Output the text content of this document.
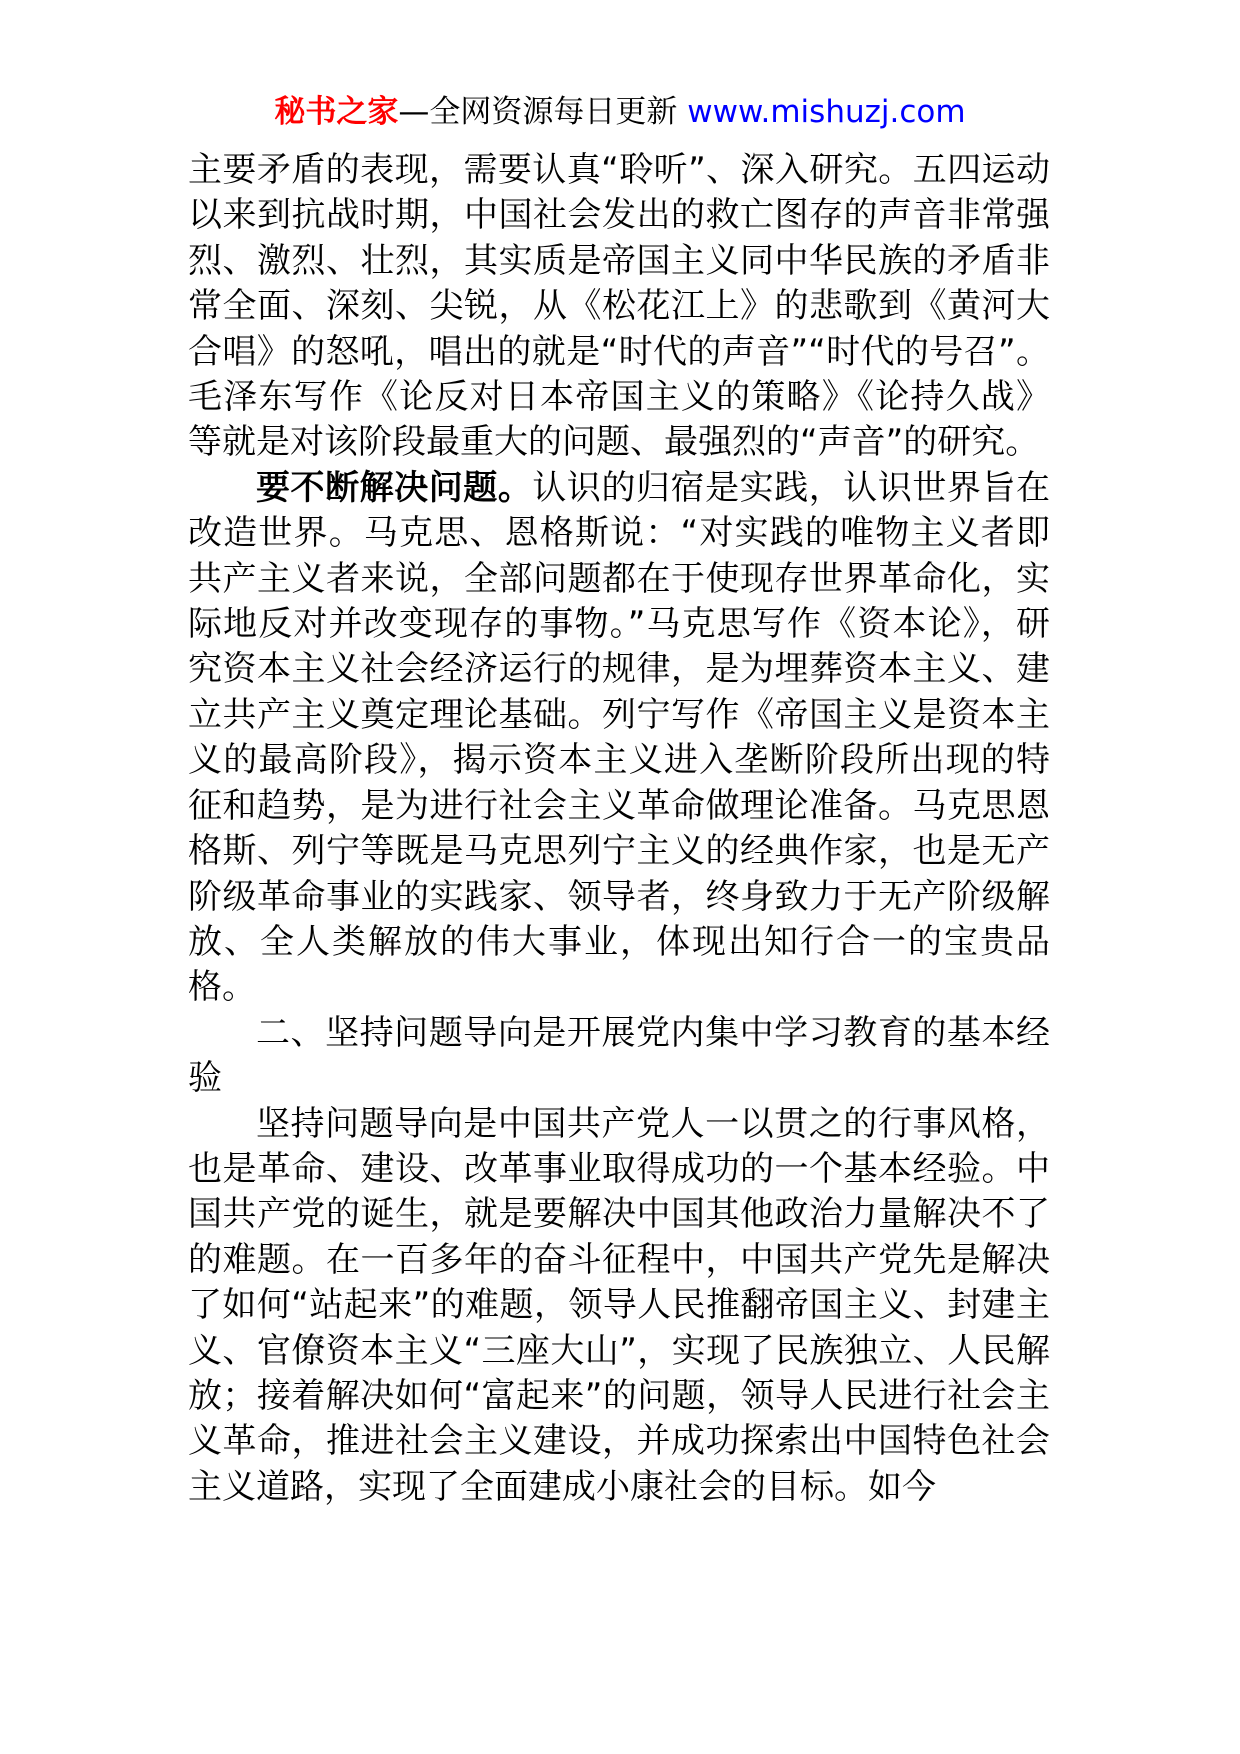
秘书之家—全网资源每日更新 www.mishuzj.com

主要矛盾的表现，需要认真“聆听”、深入研究。五四运动以来到抗战时期，中国社会发出的救亡图存的声音非常强烈、激烈、壮烈，其实质是帝国主义同中华民族的矛盾非常全面、深刻、尖锐，从《松花江上》的悲歌到《黄河大合唱》的怒吼，唱出的就是“时代的声音”“时代的号召”。毛泽东写作《论反对日本帝国主义的策略》《论持久战》等就是对该阶段最重大的问题、最强烈的“声音”的研究。

要不断解决问题。认识的归宿是实践，认识世界旨在改造世界。马克思、恩格斯说：“对实践的唯物主义者即共产主义者来说，全部问题都在于使现存世界革命化，实际地反对并改变现存的事物。”马克思写作《资本论》，研究资本主义社会经济运行的规律，是为埋葬资本主义、建立共产主义奠定理论基础。列宁写作《帝国主义是资本主义的最高阶段》，揭示资本主义进入垄断阶段所出现的特征和趋势，是为进行社会主义革命做理论准备。马克思恩格斯、列宁等既是马克思列宁主义的经典作家，也是无产阶级革命事业的实践家、领导者，终身致力于无产阶级解放、全人类解放的伟大事业，体现出知行合一的宝贵品格。

二、坚持问题导向是开展党内集中学习教育的基本经验

坚持问题导向是中国共产党人一以贯之的行事风格，也是革命、建设、改革事业取得成功的一个基本经验。中国共产党的诞生，就是要解决中国其他政治力量解决不了的难题。在一百多年的奋斗征程中，中国共产党先是解决了如何“站起来”的难题，领导人民推翻帝国主义、封建主义、官僚资本主义“三座大山”，实现了民族独立、人民解放；接着解决如何“富起来”的问题，领导人民进行社会主义革命，推进社会主义建设，并成功探索出中国特色社会主义道路，实现了全面建成小康社会的目标。如今
